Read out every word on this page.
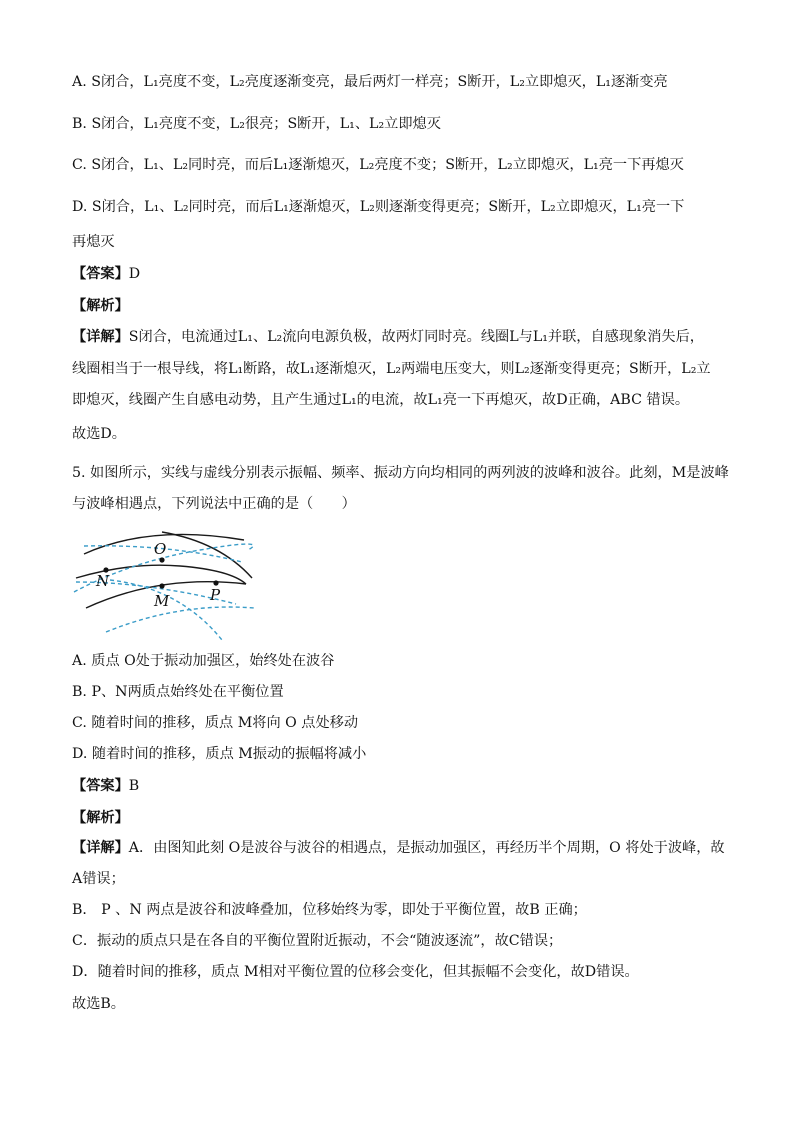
A. S闭合，L₁亮度不变，L₂亮度逐渐变亮，最后两灯一样亮；S断开，L₂立即熄灭，L₁逐渐变亮
B. S闭合，L₁亮度不变，L₂很亮；S断开，L₁、L₂立即熄灭
C. S闭合，L₁、L₂同时亮，而后L₁逐渐熄灭，L₂亮度不变；S断开，L₂立即熄灭，L₁亮一下再熄灭
D. S闭合，L₁、L₂同时亮，而后L₁逐渐熄灭，L₂则逐渐变得更亮；S断开，L₂立即熄灭，L₁亮一下
再熄灭
【答案】D
【解析】
【详解】S闭合，电流通过L₁、L₂流向电源负极，故两灯同时亮。线圈L与L₁并联，自感现象消失后，
线圈相当于一根导线，将L₁断路，故L₁逐渐熄灭，L₂两端电压变大，则L₂逐渐变得更亮；S断开，L₂立
即熄灭，线圈产生自感电动势，且产生通过L₁的电流，故L₁亮一下再熄灭，故D正确，ABC 错误。
故选D。
5. 如图所示，实线与虚线分别表示振幅、频率、振动方向均相同的两列波的波峰和波谷。此刻，M是波峰
与波峰相遇点，下列说法中正确的是（　　）
O
N
M	P
A. 质点 O处于振动加强区，始终处在波谷
B. P、N两质点始终处在平衡位置
C. 随着时间的推移，质点 M将向 O 点处移动
D. 随着时间的推移，质点 M振动的振幅将减小
【答案】B
【解析】
【详解】A．由图知此刻 O是波谷与波谷的相遇点，是振动加强区，再经历半个周期，O 将处于波峰，故
A错误；
B． P 、N 两点是波谷和波峰叠加，位移始终为零，即处于平衡位置，故B 正确；
C．振动的质点只是在各自的平衡位置附近振动，不会“随波逐流”，故C错误；
D．随着时间的推移，质点 M相对平衡位置的位移会变化，但其振幅不会变化，故D错误。
故选B。
